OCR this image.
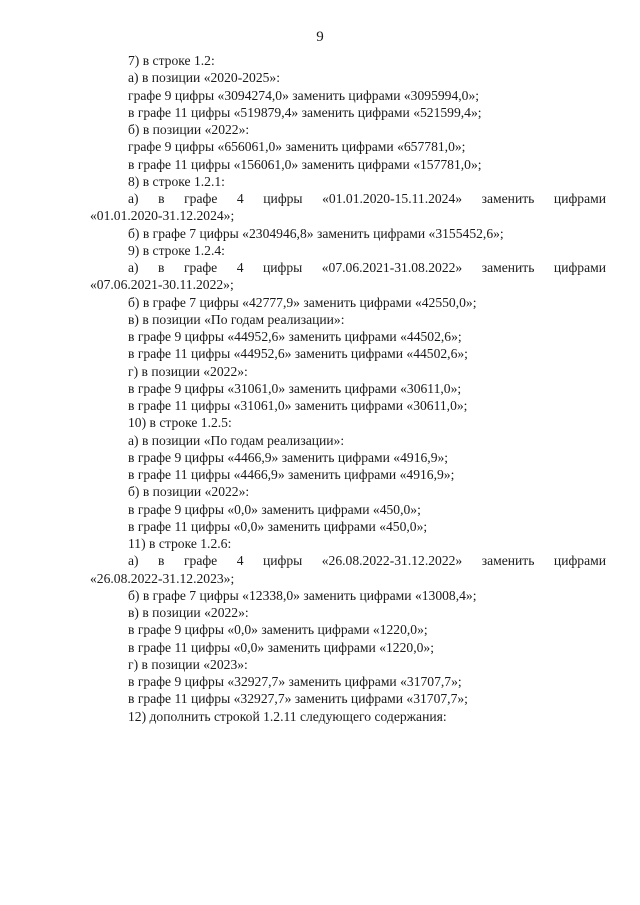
9
7) в строке 1.2:
а) в позиции «2020-2025»:
графе 9 цифры «3094274,0» заменить цифрами «3095994,0»;
в графе 11 цифры «519879,4» заменить цифрами «521599,4»;
б) в позиции «2022»:
графе 9 цифры «656061,0» заменить цифрами «657781,0»;
в графе 11 цифры «156061,0» заменить цифрами «157781,0»;
8) в строке 1.2.1:
а) в графе 4 цифры «01.01.2020-15.11.2024» заменить цифрами
«01.01.2020-31.12.2024»;
б) в графе 7 цифры «2304946,8» заменить цифрами «3155452,6»;
9) в строке 1.2.4:
а) в графе 4 цифры «07.06.2021-31.08.2022» заменить цифрами
«07.06.2021-30.11.2022»;
б) в графе 7 цифры «42777,9» заменить цифрами «42550,0»;
в) в позиции «По годам реализации»:
в графе 9 цифры «44952,6» заменить цифрами «44502,6»;
в графе 11 цифры «44952,6» заменить цифрами «44502,6»;
г) в позиции «2022»:
в графе 9 цифры «31061,0» заменить цифрами «30611,0»;
в графе 11 цифры «31061,0» заменить цифрами «30611,0»;
10) в строке 1.2.5:
а) в позиции «По годам реализации»:
в графе 9 цифры «4466,9» заменить цифрами «4916,9»;
в графе 11 цифры «4466,9» заменить цифрами «4916,9»;
б) в позиции «2022»:
в графе 9 цифры «0,0» заменить цифрами «450,0»;
в графе 11 цифры «0,0» заменить цифрами «450,0»;
11) в строке 1.2.6:
а) в графе 4 цифры «26.08.2022-31.12.2022» заменить цифрами
«26.08.2022-31.12.2023»;
б) в графе 7 цифры «12338,0» заменить цифрами «13008,4»;
в) в позиции «2022»:
в графе 9 цифры «0,0» заменить цифрами «1220,0»;
в графе 11 цифры «0,0» заменить цифрами «1220,0»;
г) в позиции «2023»:
в графе 9 цифры «32927,7» заменить цифрами «31707,7»;
в графе 11 цифры «32927,7» заменить цифрами «31707,7»;
12) дополнить строкой 1.2.11 следующего содержания:
